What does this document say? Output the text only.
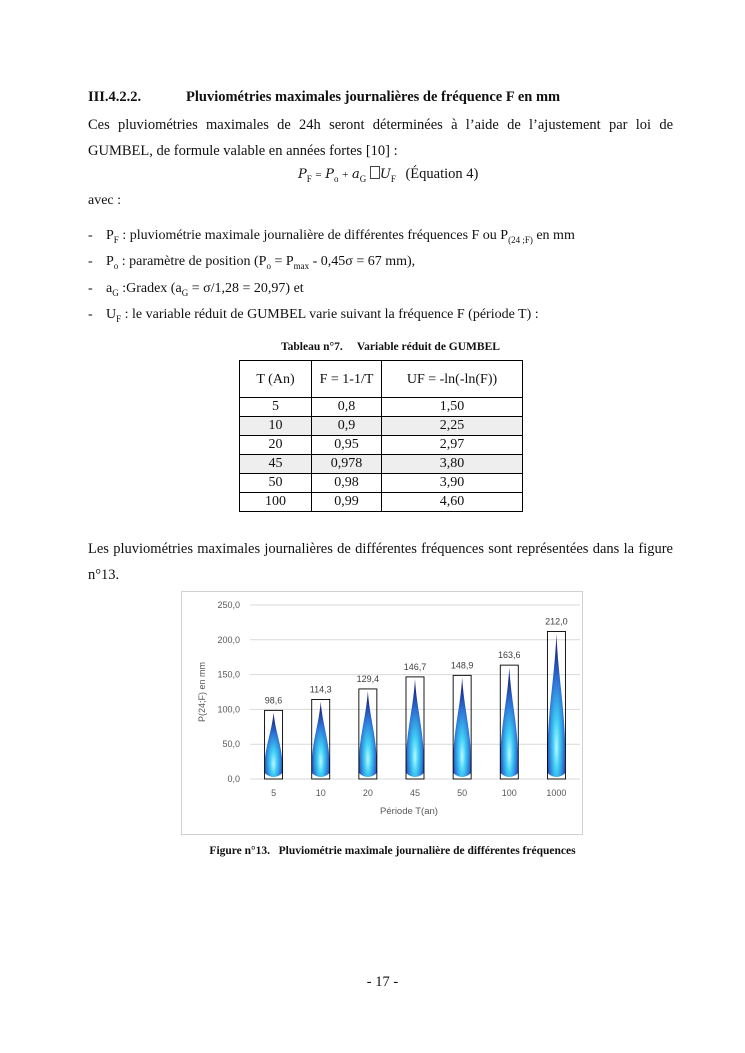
III.4.2.2.	Pluviométries maximales journalières de fréquence F en mm
Ces pluviométries maximales de 24h seront déterminées à l’aide de l’ajustement par loi de GUMBEL, de formule valable en années fortes [10] :
$P_F = P_o + a_G$ $U_F$ (Équation 4)
avec :
- $P_F$ : pluviométrie maximale journalière de différentes fréquences F ou $P_{(24 ;F)}$ en mm
- $P_o$ : paramètre de position ($P_o = P_{max} - 0,45\sigma = 67$ mm),
- $a_G$ :Gradex $(a_G = \sigma/1,28 = 20,97)$ et
- $U_F$ : le variable réduit de GUMBEL varie suivant la fréquence F (période T) :
Tableau n°7.     Variable réduit de GUMBEL
T (An)	F = 1-1/T	UF = -ln(-ln(F))
5	0,8	1,50
10	0,9	2,25
20	0,95	2,97
45	0,978	3,80
50	0,98	3,90
100	0,99	4,60
Les pluviométries maximales journalières de différentes fréquences sont représentées dans la figure n°13.
0,0
50,0
100,0
150,0
200,0
250,0
98,6
114,3
129,4
146,7	148,9
163,6
212,0
5	10	20	45	50	100	1000
P(24;F) en mm
Période T(an)
Figure n°13.   Pluviométrie maximale journalière de différentes fréquences
- 17 -
